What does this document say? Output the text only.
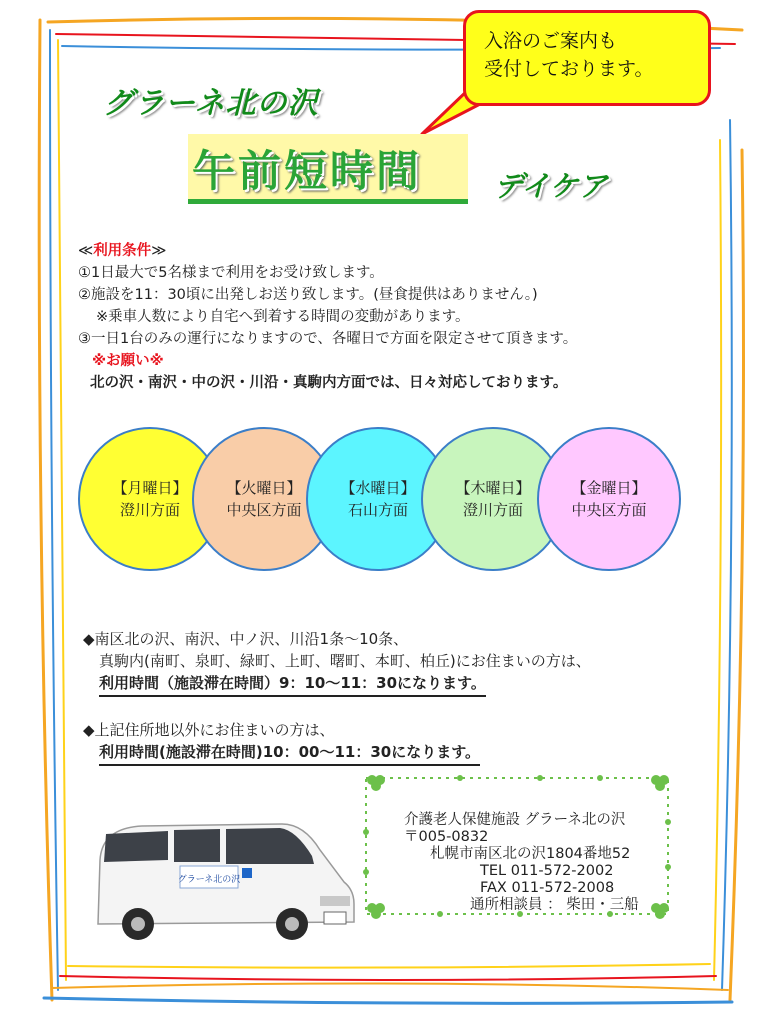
入浴のご案内も
受付しております。
グラーネ北の沢
午前短時間 デイケア
≪利用条件≫
①1日最大で5名様まで利用をお受け致します。
②施設を11：30頃に出発しお送り致します。(昼食提供はありません。)
※乗車人数により自宅へ到着する時間の変動があります。
③一日1台のみの運行になりますので、各曜日で方面を限定させて頂きます。
※お願い※
北の沢・南沢・中の沢・川沿・真駒内方面では、日々対応しております。
【月曜日】
澄川方面
【火曜日】
中央区方面
【水曜日】
石山方面
【木曜日】
澄川方面
【金曜日】
中央区方面
◆南区北の沢、南沢、中ノ沢、川沿1条～10条、
真駒内(南町、泉町、緑町、上町、曙町、本町、柏丘)にお住まいの方は、
利用時間（施設滞在時間）9：10～11：30になります。
◆上記住所地以外にお住まいの方は、
利用時間(施設滞在時間)10：00～11：30になります。
グラーネ北の沢
介護老人保健施設 グラーネ北の沢
〒005-0832
札幌市南区北の沢1804番地52
TEL 011-572-2002
FAX 011-572-2008
通所相談員 ： 柴田・三船
